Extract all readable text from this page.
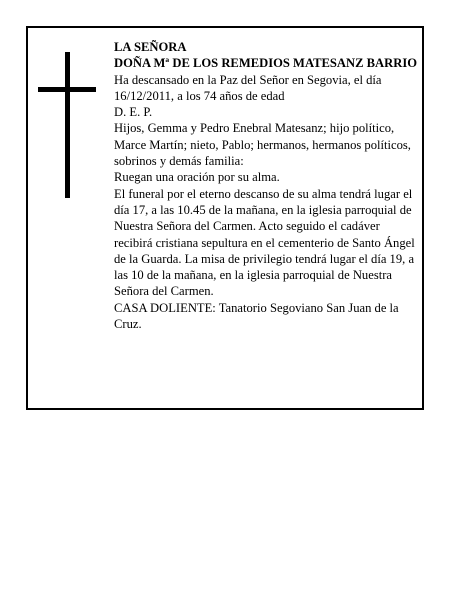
LA SEÑORA

DOÑA Mª DE LOS REMEDIOS MATESANZ BARRIO

Ha descansado en la Paz del Señor en Segovia, el día 16/12/2011, a los 74 años de edad

D. E. P.

Hijos, Gemma y Pedro Enebral Matesanz; hijo político, Marce Martín; nieto, Pablo; hermanos, hermanos políticos, sobrinos y demás familia:

Ruegan una oración por su alma.

El funeral por el eterno descanso de su alma tendrá lugar el día 17, a las 10.45 de la mañana, en la iglesia parroquial de Nuestra Señora del Carmen. Acto seguido el cadáver recibirá cristiana sepultura en el cementerio de Santo Ángel de la Guarda. La misa de privilegio tendrá lugar el día 19, a las 10 de la mañana, en la iglesia parroquial de Nuestra Señora del Carmen.

CASA DOLIENTE: Tanatorio Segoviano San Juan de la Cruz.
